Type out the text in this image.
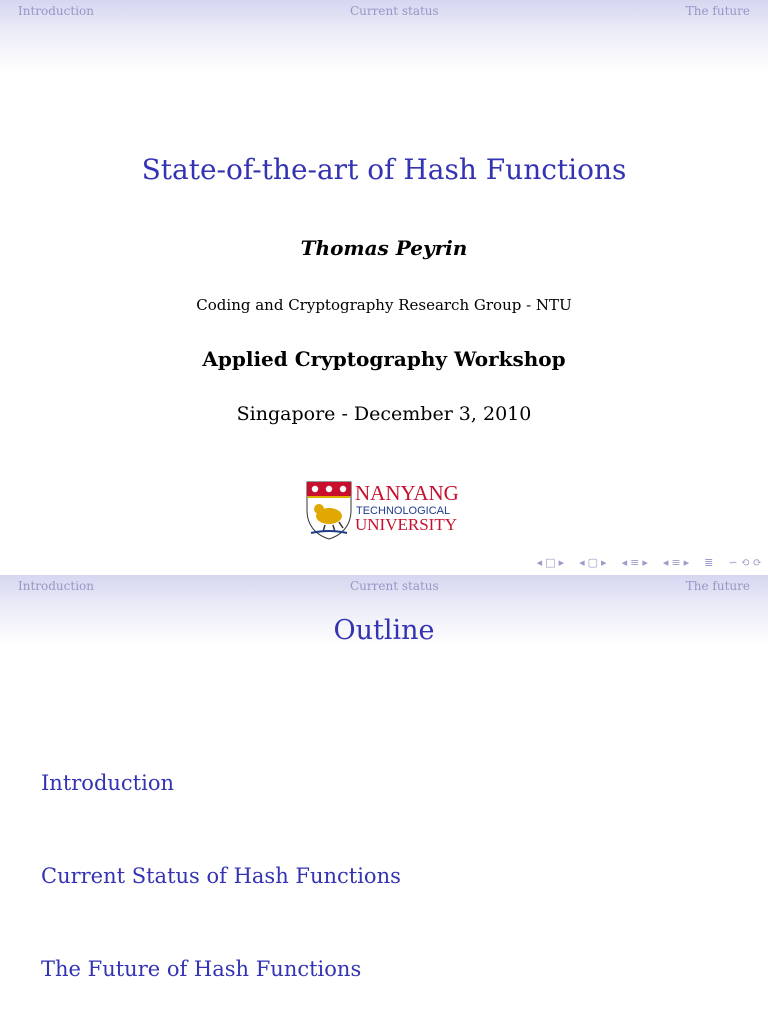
Introduction	Current status	The future
State-of-the-art of Hash Functions
Thomas Peyrin
Coding and Cryptography Research Group - NTU
Applied Cryptography Workshop
Singapore - December 3, 2010
NANYANG
TECHNOLOGICAL
UNIVERSITY
◂ □ ▸ ◂ ▢ ▸ ◂ ≡ ▸ ◂ ≡ ▸ ≣ ∽ ⟲ ⟳
Introduction	Current status	The future
Outline
Introduction
Current Status of Hash Functions
The Future of Hash Functions
